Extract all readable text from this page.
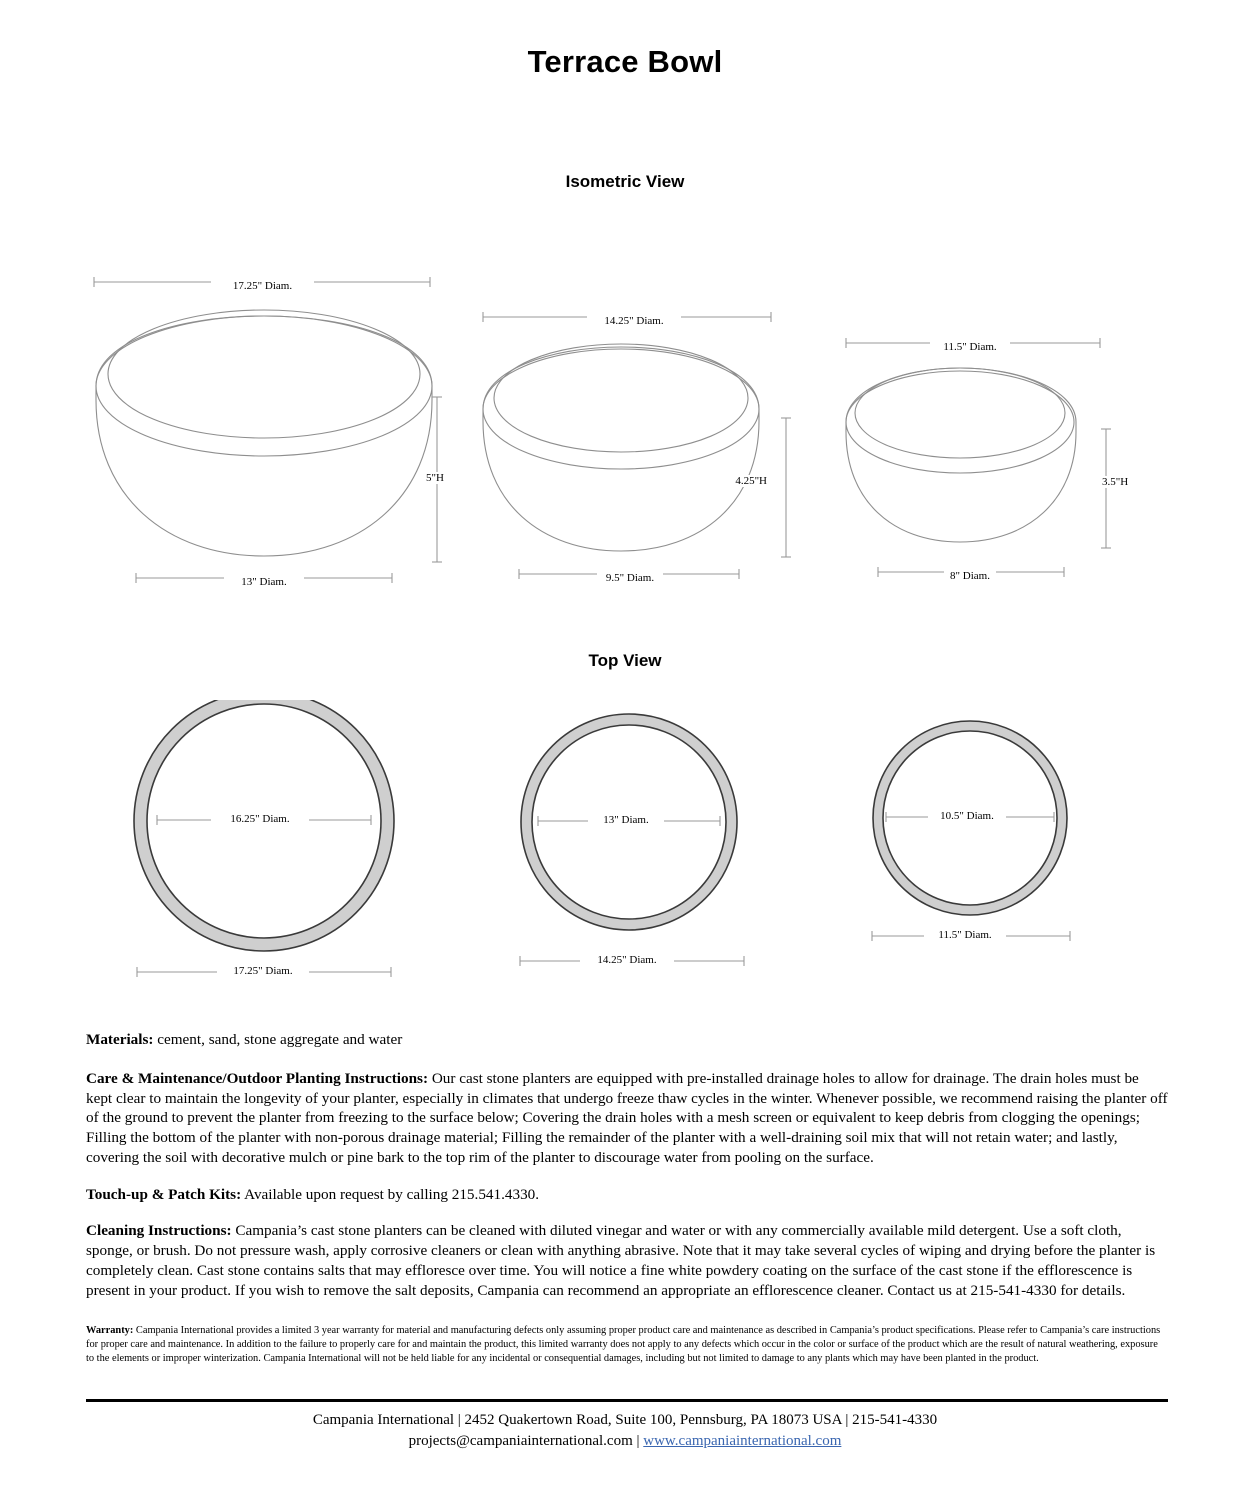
Terrace Bowl
Isometric View
17.25" Diam.
13" Diam.
5"H
14.25" Diam.
9.5" Diam.
4.25"H
11.5" Diam.
8" Diam.
3.5"H
Top View
16.25" Diam.
17.25" Diam.
13" Diam.
14.25" Diam.
10.5" Diam.
11.5" Diam.

Materials: cement, sand, stone aggregate and water

Care & Maintenance/Outdoor Planting Instructions: Our cast stone planters are equipped with pre-installed drainage holes to allow for drainage. The drain holes must be kept clear to maintain the longevity of your planter, especially in climates that undergo freeze thaw cycles in the winter. Whenever possible, we recommend raising the planter off of the ground to prevent the planter from freezing to the surface below; Covering the drain holes with a mesh screen or equivalent to keep debris from clogging the openings; Filling the bottom of the planter with non-porous drainage material; Filling the remainder of the planter with a well-draining soil mix that will not retain water; and lastly, covering the soil with decorative mulch or pine bark to the top rim of the planter to discourage water from pooling on the surface.

Touch-up & Patch Kits: Available upon request by calling 215.541.4330.

Cleaning Instructions: Campania’s cast stone planters can be cleaned with diluted vinegar and water or with any commercially available mild detergent. Use a soft cloth, sponge, or brush. Do not pressure wash, apply corrosive cleaners or clean with anything abrasive. Note that it may take several cycles of wiping and drying before the planter is completely clean. Cast stone contains salts that may effloresce over time. You will notice a fine white powdery coating on the surface of the cast stone if the efflorescence is present in your product. If you wish to remove the salt deposits, Campania can recommend an appropriate an efflorescence cleaner. Contact us at 215-541-4330 for details.

Warranty: Campania International provides a limited 3 year warranty for material and manufacturing defects only assuming proper product care and maintenance as described in Campania’s product specifications. Please refer to Campania’s care instructions for proper care and maintenance. In addition to the failure to properly care for and maintain the product, this limited warranty does not apply to any defects which occur in the color or surface of the product which are the result of natural weathering, exposure to the elements or improper winterization. Campania International will not be held liable for any incidental or consequential damages, including but not limited to damage to any plants which may have been planted in the product.

Campania International | 2452 Quakertown Road, Suite 100, Pennsburg, PA 18073 USA | 215-541-4330
projects@campaniainternational.com | www.campaniainternational.com
